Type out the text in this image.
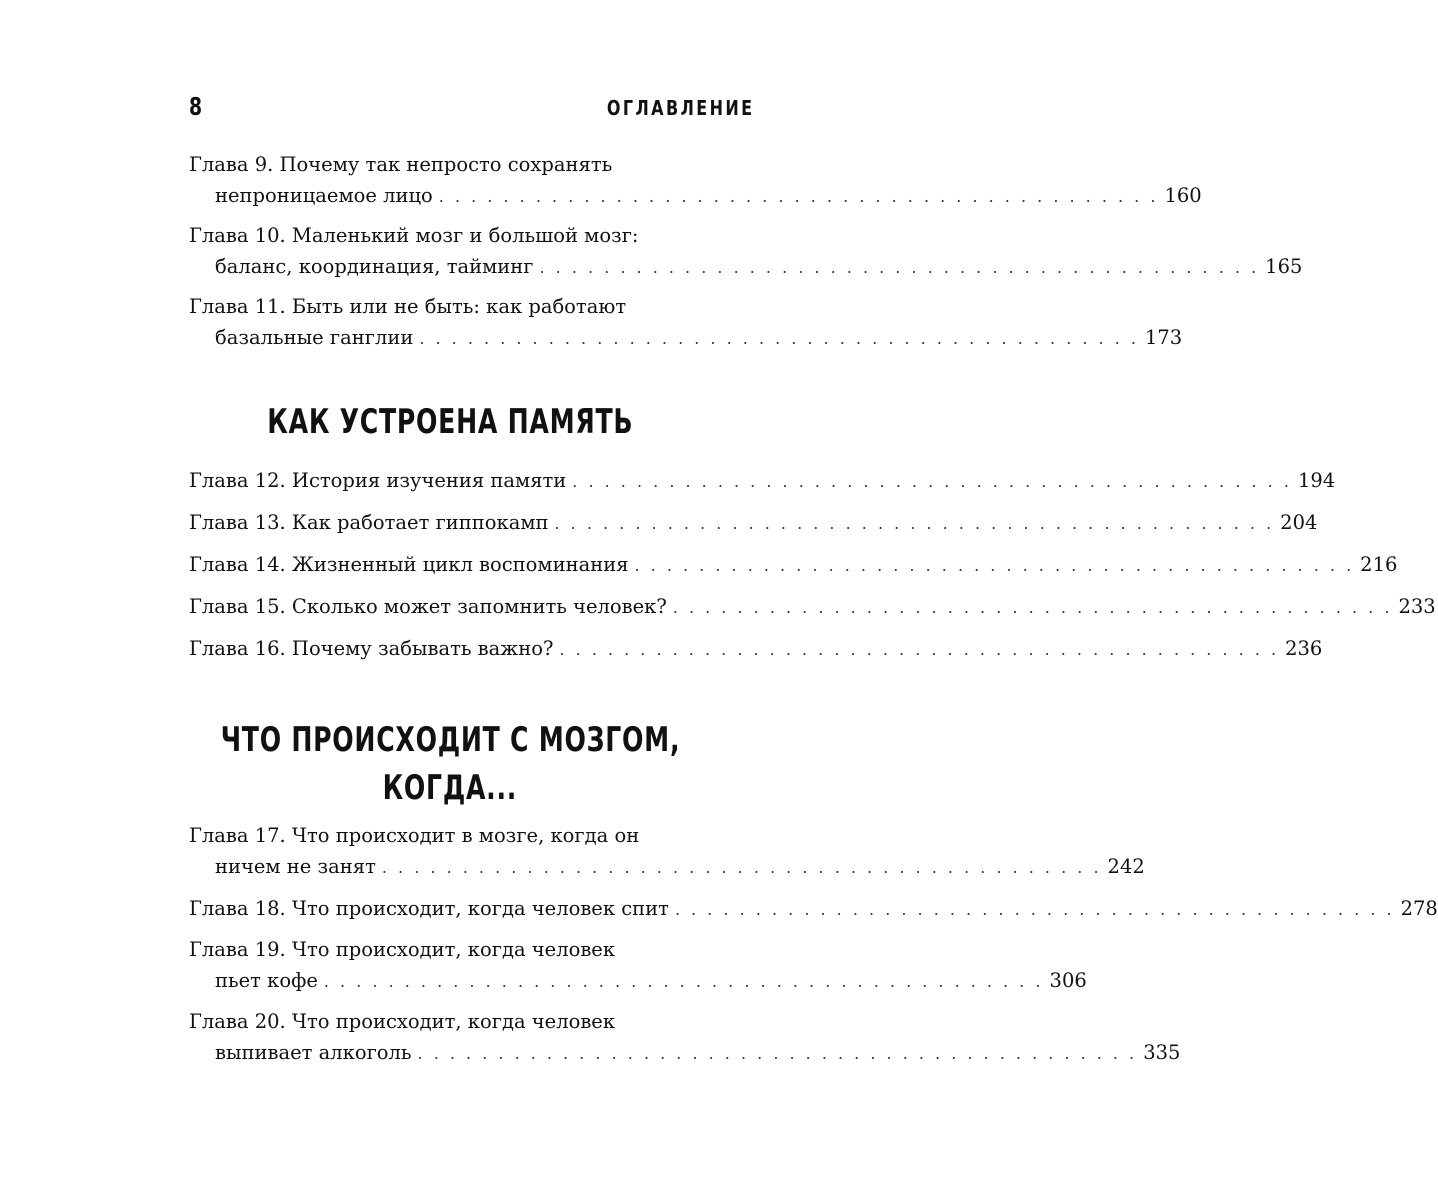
8	ОГЛАВЛЕНИЕ
Глава 9. Почему так непросто сохранять
непроницаемое лицо . . . . . . . . . . . . . . . . . . . . . . . . . . . . . . . . . . . . . . . . . . . . . 160
Глава 10. Маленький мозг и большой мозг:
баланс, координация, тайминг . . . . . . . . . . . . . . . . . . . . . . . . . . . . . . . . . . . . . . . . . . . . . 165
Глава 11. Быть или не быть: как работают
базальные ганглии . . . . . . . . . . . . . . . . . . . . . . . . . . . . . . . . . . . . . . . . . . . . . 173
КАК УСТРОЕНА ПАМЯТЬ
Глава 12. История изучения памяти . . . . . . . . . . . . . . . . . . . . . . . . . . . . . . . . . . . . . . . . . . . . . 194
Глава 13. Как работает гиппокамп . . . . . . . . . . . . . . . . . . . . . . . . . . . . . . . . . . . . . . . . . . . . . 204
Глава 14. Жизненный цикл воспоминания . . . . . . . . . . . . . . . . . . . . . . . . . . . . . . . . . . . . . . . . . . . . . 216
Глава 15. Сколько может запомнить человек? . . . . . . . . . . . . . . . . . . . . . . . . . . . . . . . . . . . . . . . . . . . . . 233
Глава 16. Почему забывать важно? . . . . . . . . . . . . . . . . . . . . . . . . . . . . . . . . . . . . . . . . . . . . . 236
ЧТО ПРОИСХОДИТ С МОЗГОМ,
КОГДА...
Глава 17. Что происходит в мозге, когда он
ничем не занят . . . . . . . . . . . . . . . . . . . . . . . . . . . . . . . . . . . . . . . . . . . . . 242
Глава 18. Что происходит, когда человек спит . . . . . . . . . . . . . . . . . . . . . . . . . . . . . . . . . . . . . . . . . . . . . 278
Глава 19. Что происходит, когда человек
пьет кофе . . . . . . . . . . . . . . . . . . . . . . . . . . . . . . . . . . . . . . . . . . . . . 306
Глава 20. Что происходит, когда человек
выпивает алкоголь . . . . . . . . . . . . . . . . . . . . . . . . . . . . . . . . . . . . . . . . . . . . . 335
